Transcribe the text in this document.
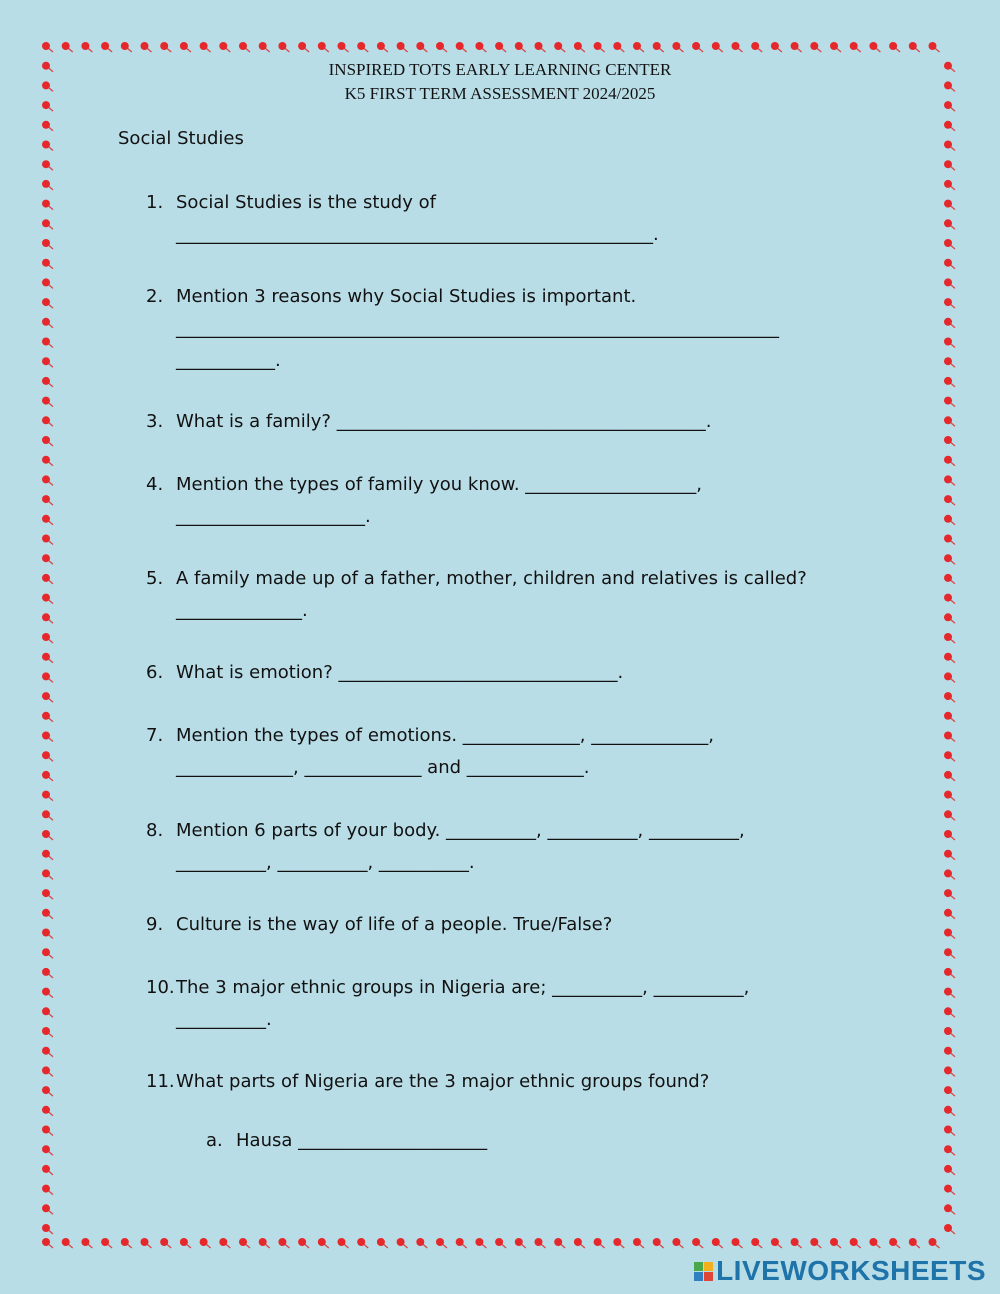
INSPIRED TOTS EARLY LEARNING CENTER
K5 FIRST TERM ASSESSMENT 2024/2025
Social Studies
1. Social Studies is the study of
_____________________________________________________.
2. Mention 3 reasons why Social Studies is important.
___________________________________________________________________
___________.
3. What is a family? _________________________________________.
4. Mention the types of family you know. ___________________,
_____________________.
5. A family made up of a father, mother, children and relatives is called?
______________.
6. What is emotion? _______________________________.
7. Mention the types of emotions. _____________, _____________,
_____________, _____________ and _____________.
8. Mention 6 parts of your body. __________, __________, __________,
__________, __________, __________.
9. Culture is the way of life of a people. True/False?
10.The 3 major ethnic groups in Nigeria are; __________, __________,
__________.
11.What parts of Nigeria are the 3 major ethnic groups found?
a. Hausa _____________________
LIVEWORKSHEETS
